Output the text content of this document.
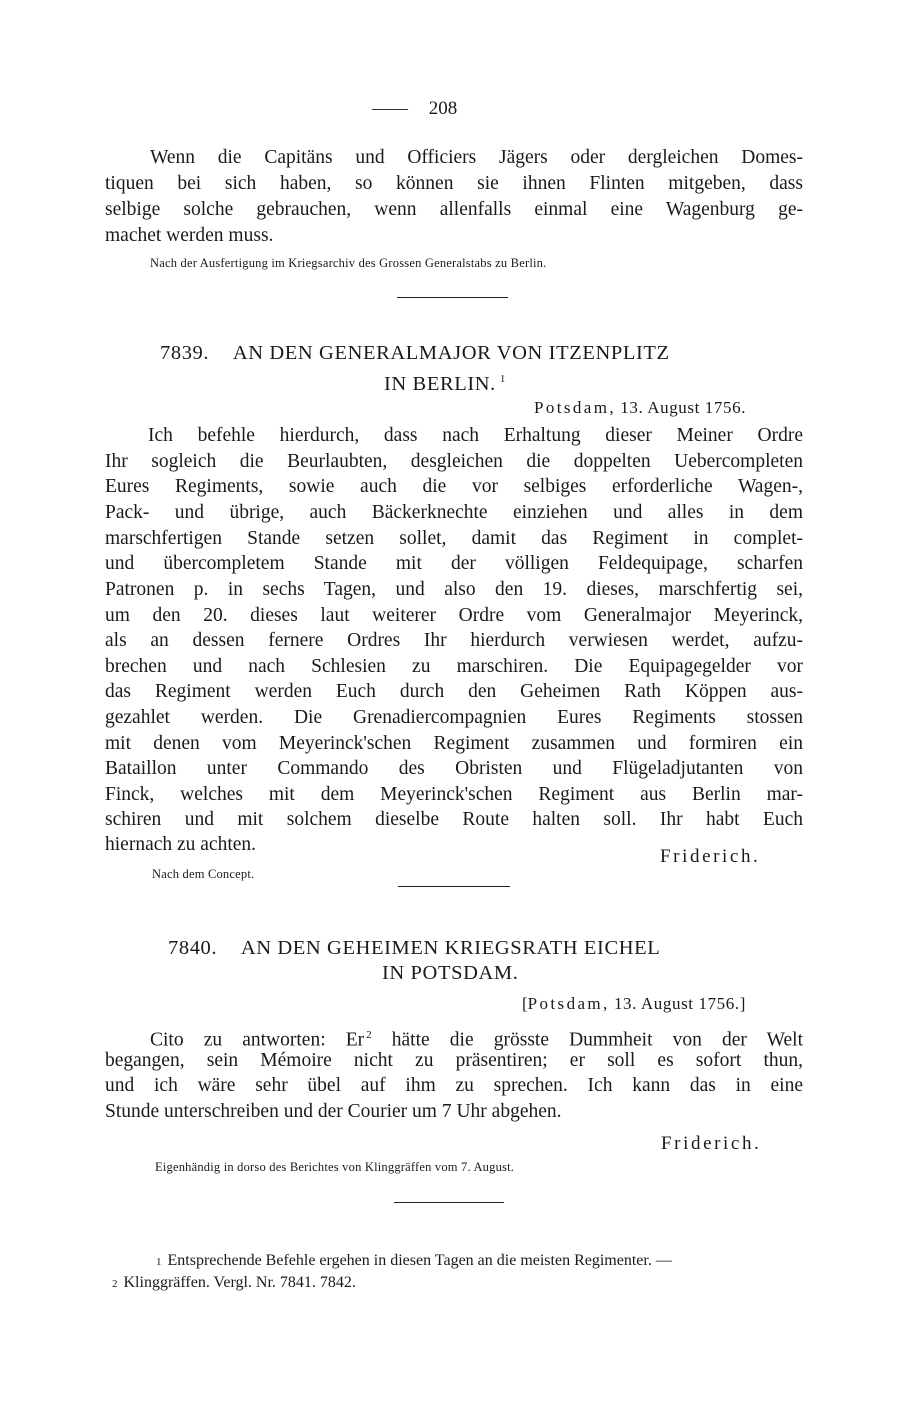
—— 208
Wenn die Capitäns und Officiers Jägers oder dergleichen Domes-
tiquen bei sich haben, so können sie ihnen Flinten mitgeben, dass
selbige solche gebrauchen, wenn allenfalls einmal eine Wagenburg ge-
machet werden muss.
Nach der Ausfertigung im Kriegsarchiv des Grossen Generalstabs zu Berlin.
7839. AN DEN GENERALMAJOR VON ITZENPLITZ
IN BERLIN. $^1$
Potsdam, 13. August 1756.
Ich befehle hierdurch, dass nach Erhaltung dieser Meiner Ordre
Ihr sogleich die Beurlaubten, desgleichen die doppelten Uebercompleten
Eures Regiments, sowie auch die vor selbiges erforderliche Wagen-,
Pack- und übrige, auch Bäckerknechte einziehen und alles in dem
marschfertigen Stande setzen sollet, damit das Regiment in complet-
und übercompletem Stande mit der völligen Feldequipage, scharfen
Patronen p. in sechs Tagen, und also den 19. dieses, marschfertig sei,
um den 20. dieses laut weiterer Ordre vom Generalmajor Meyerinck,
als an dessen fernere Ordres Ihr hierdurch verwiesen werdet, aufzu-
brechen und nach Schlesien zu marschiren. Die Equipagegelder vor
das Regiment werden Euch durch den Geheimen Rath Köppen aus-
gezahlet werden. Die Grenadiercompagnien Eures Regiments stossen
mit denen vom Meyerinck'schen Regiment zusammen und formiren ein
Bataillon unter Commando des Obristen und Flügeladjutanten von
Finck, welches mit dem Meyerinck'schen Regiment aus Berlin mar-
schiren und mit solchem dieselbe Route halten soll. Ihr habt Euch
hiernach zu achten.
Friderich.
Nach dem Concept.
7840. AN DEN GEHEIMEN KRIEGSRATH EICHEL
IN POTSDAM.
[Potsdam, 13. August 1756.]
Cito zu antworten: Er $^2$ hätte die grösste Dummheit von der Welt
begangen, sein Mémoire nicht zu präsentiren; er soll es sofort thun,
und ich wäre sehr übel auf ihm zu sprechen. Ich kann das in eine
Stunde unterschreiben und der Courier um 7 Uhr abgehen.
Friderich.
Eigenhändig in dorso des Berichtes von Klinggräffen vom 7. August.
1 Entsprechende Befehle ergehen in diesen Tagen an die meisten Regimenter. —
2 Klinggräffen. Vergl. Nr. 7841. 7842.
